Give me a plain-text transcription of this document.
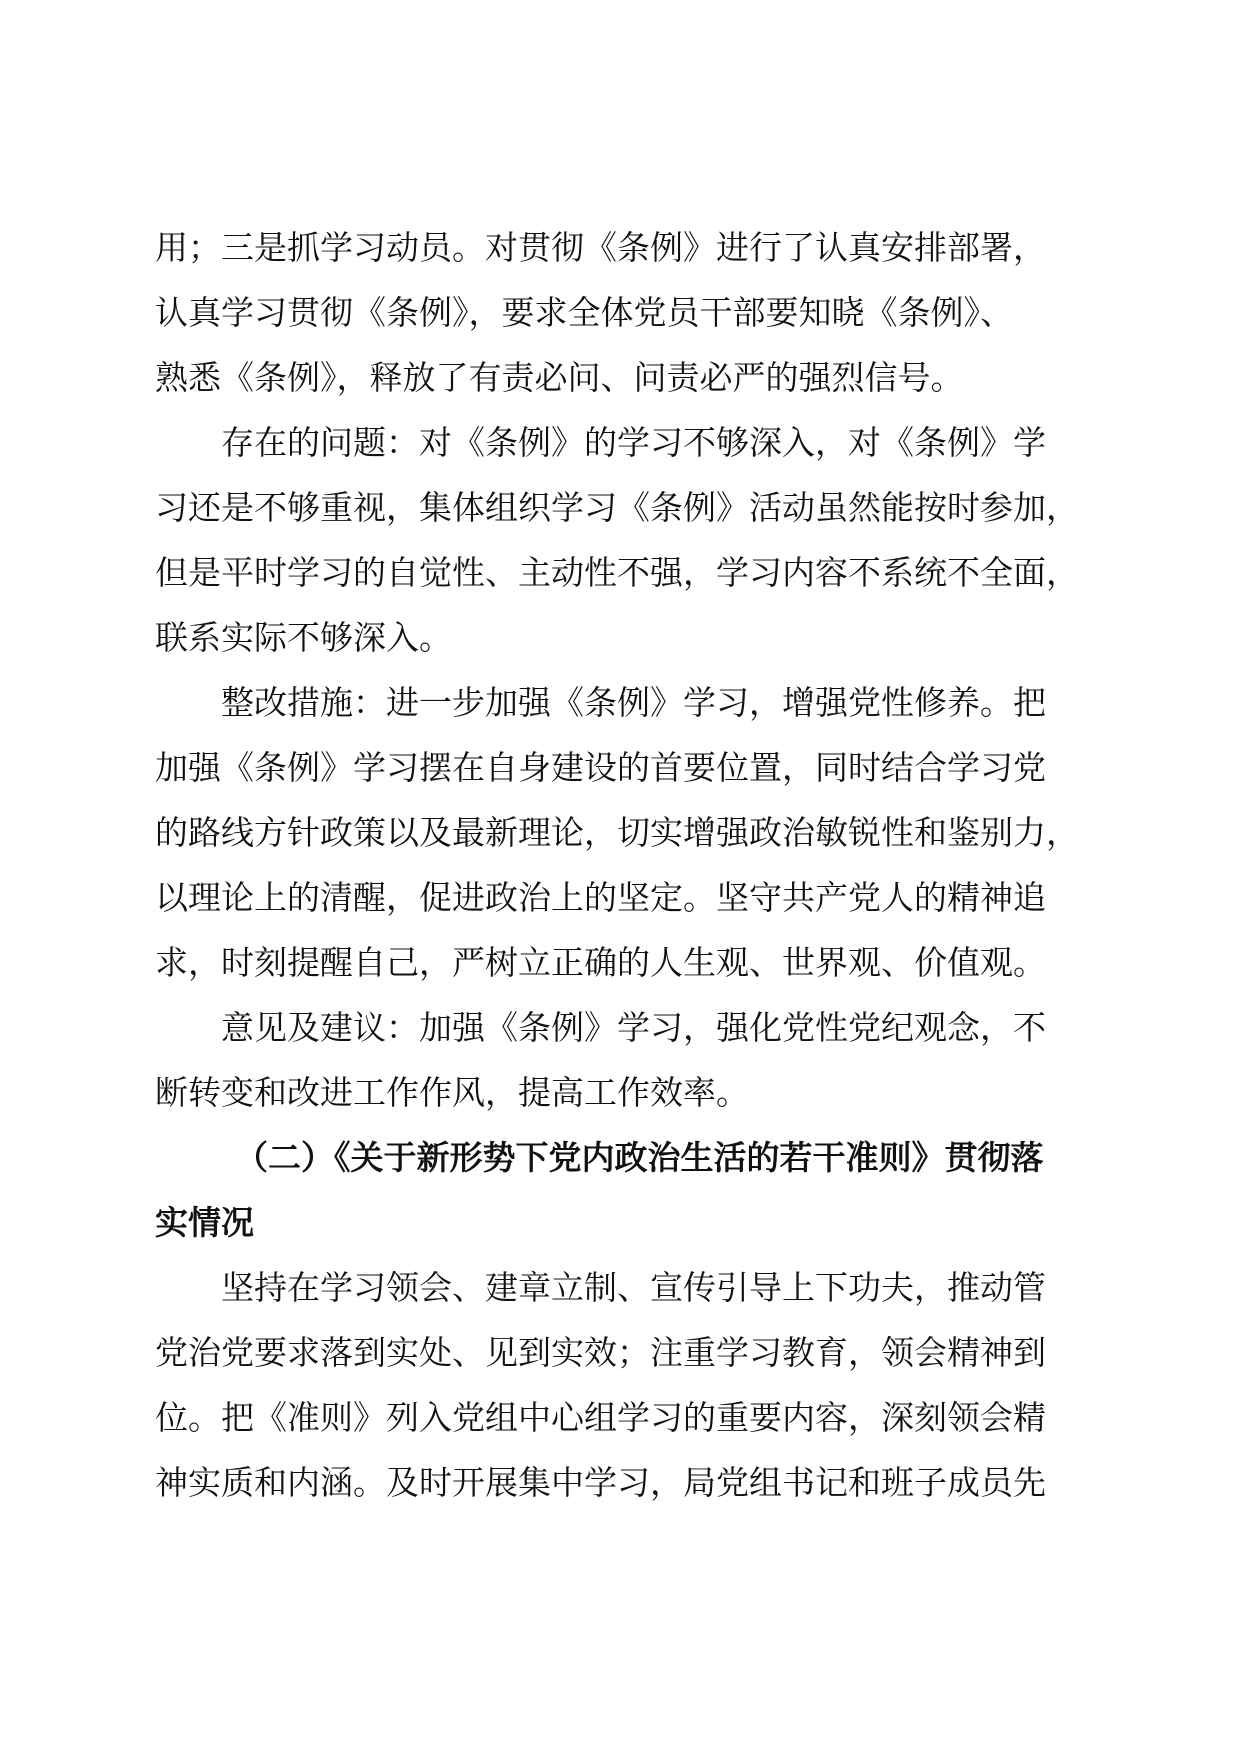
用；三是抓学习动员。对贯彻《条例》进行了认真安排部署，
认真学习贯彻《条例》，要求全体党员干部要知晓《条例》、
熟悉《条例》，释放了有责必问、问责必严的强烈信号。
存在的问题：对《条例》的学习不够深入，对《条例》学
习还是不够重视，集体组织学习《条例》活动虽然能按时参加，
但是平时学习的自觉性、主动性不强，学习内容不系统不全面，
联系实际不够深入。
整改措施：进一步加强《条例》学习，增强党性修养。把
加强《条例》学习摆在自身建设的首要位置，同时结合学习党
的路线方针政策以及最新理论，切实增强政治敏锐性和鉴别力，
以理论上的清醒，促进政治上的坚定。坚守共产党人的精神追
求，时刻提醒自己，严树立正确的人生观、世界观、价值观。
意见及建议：加强《条例》学习，强化党性党纪观念，不
断转变和改进工作作风，提高工作效率。
（二）《关于新形势下党内政治生活的若干准则》贯彻落
实情况
坚持在学习领会、建章立制、宣传引导上下功夫，推动管
党治党要求落到实处、见到实效；注重学习教育，领会精神到
位。把《准则》列入党组中心组学习的重要内容，深刻领会精
神实质和内涵。及时开展集中学习，局党组书记和班子成员先
